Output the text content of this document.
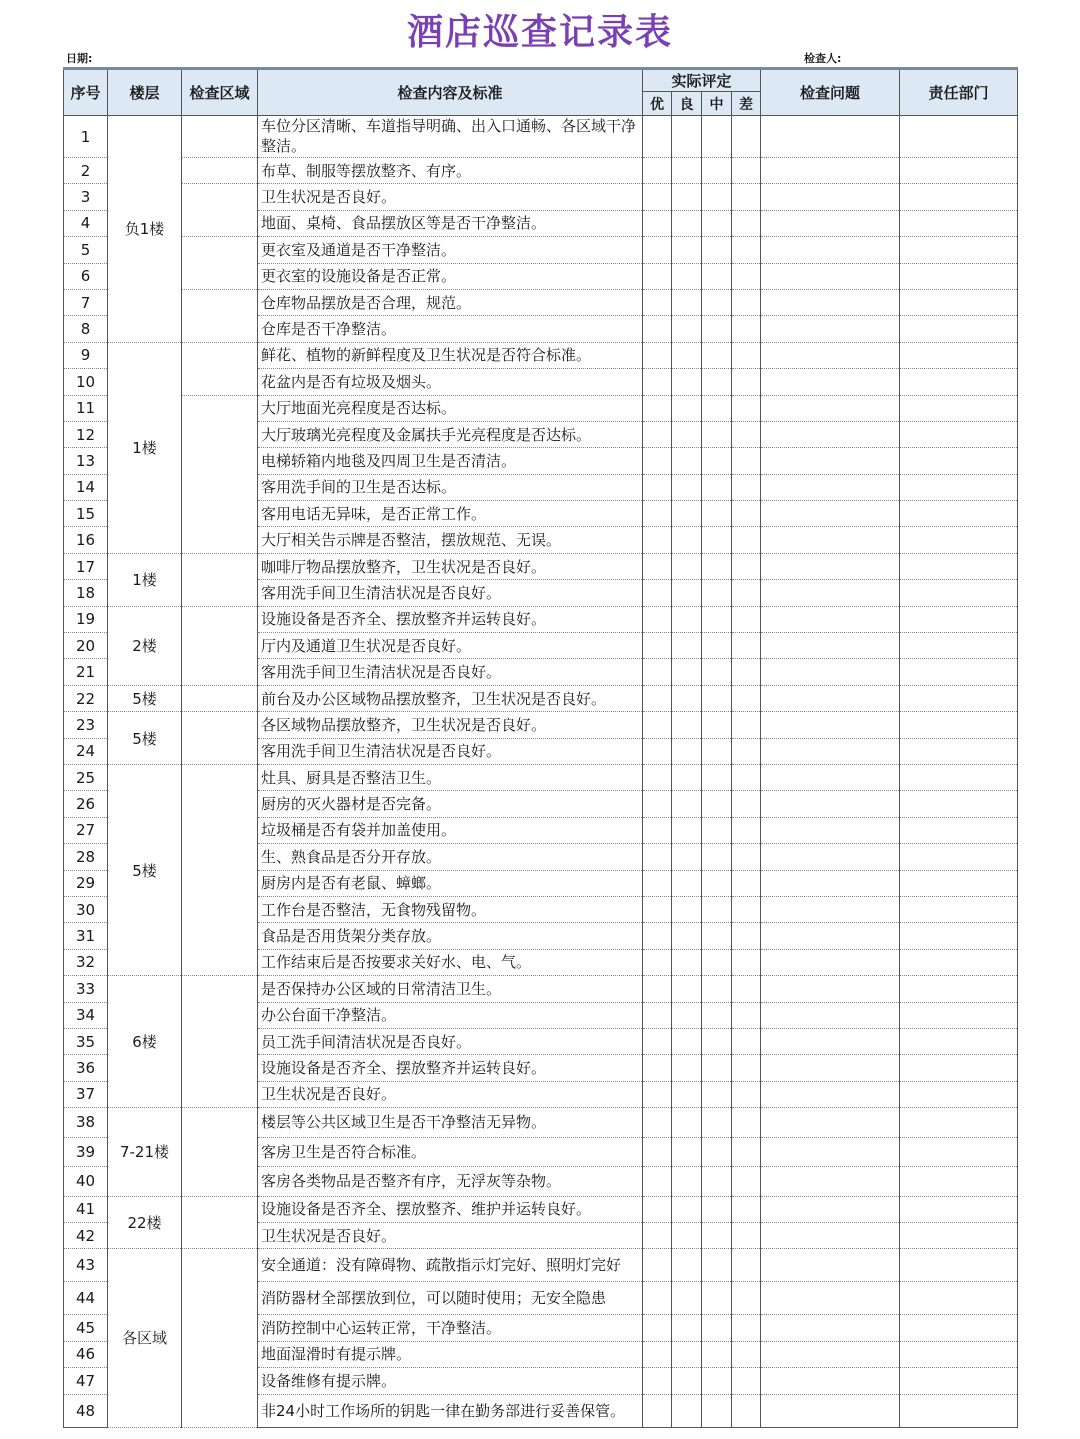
酒店巡查记录表
日期:	检查人:
序号	楼层	检查区域	检查内容及标准	实际评定				检查问题	责任部门
				优	良	中	差		
1	负1楼		车位分区清晰、车道指导明确、出入口通畅、各区域干净整洁。						
2			布草、制服等摆放整齐、有序。						
3			卫生状况是否良好。						
4			地面、桌椅、食品摆放区等是否干净整洁。						
5			更衣室及通道是否干净整洁。						
6			更衣室的设施设备是否正常。						
7			仓库物品摆放是否合理，规范。						
8			仓库是否干净整洁。						
9	1楼		鲜花、植物的新鲜程度及卫生状况是否符合标准。						
10			花盆内是否有垃圾及烟头。						
11			大厅地面光亮程度是否达标。						
12			大厅玻璃光亮程度及金属扶手光亮程度是否达标。						
13			电梯轿箱内地毯及四周卫生是否清洁。						
14			客用洗手间的卫生是否达标。						
15			客用电话无异味，是否正常工作。						
16			大厅相关告示牌是否整洁，摆放规范、无误。						
17	1楼		咖啡厅物品摆放整齐，卫生状况是否良好。						
18			客用洗手间卫生清洁状况是否良好。						
19	2楼		设施设备是否齐全、摆放整齐并运转良好。						
20			厅内及通道卫生状况是否良好。						
21			客用洗手间卫生清洁状况是否良好。						
22	5楼		前台及办公区域物品摆放整齐，卫生状况是否良好。						
23	5楼		各区域物品摆放整齐，卫生状况是否良好。						
24			客用洗手间卫生清洁状况是否良好。						
25	5楼		灶具、厨具是否整洁卫生。						
26			厨房的灭火器材是否完备。						
27			垃圾桶是否有袋并加盖使用。						
28			生、熟食品是否分开存放。						
29			厨房内是否有老鼠、蟑螂。						
30			工作台是否整洁，无食物残留物。						
31			食品是否用货架分类存放。						
32			工作结束后是否按要求关好水、电、气。						
33	6楼		是否保持办公区域的日常清洁卫生。						
34			办公台面干净整洁。						
35			员工洗手间清洁状况是否良好。						
36			设施设备是否齐全、摆放整齐并运转良好。						
37			卫生状况是否良好。						
38	7-21楼		楼层等公共区域卫生是否干净整洁无异物。						
39			客房卫生是否符合标准。						
40			客房各类物品是否整齐有序，无浮灰等杂物。						
41	22楼		设施设备是否齐全、摆放整齐、维护并运转良好。						
42			卫生状况是否良好。						
43	各区域		安全通道：没有障碍物、疏散指示灯完好、照明灯完好						
44			消防器材全部摆放到位，可以随时使用；无安全隐患						
45			消防控制中心运转正常，干净整洁。						
46			地面湿滑时有提示牌。						
47			设备维修有提示牌。						
48			非24小时工作场所的钥匙一律在勤务部进行妥善保管。						
